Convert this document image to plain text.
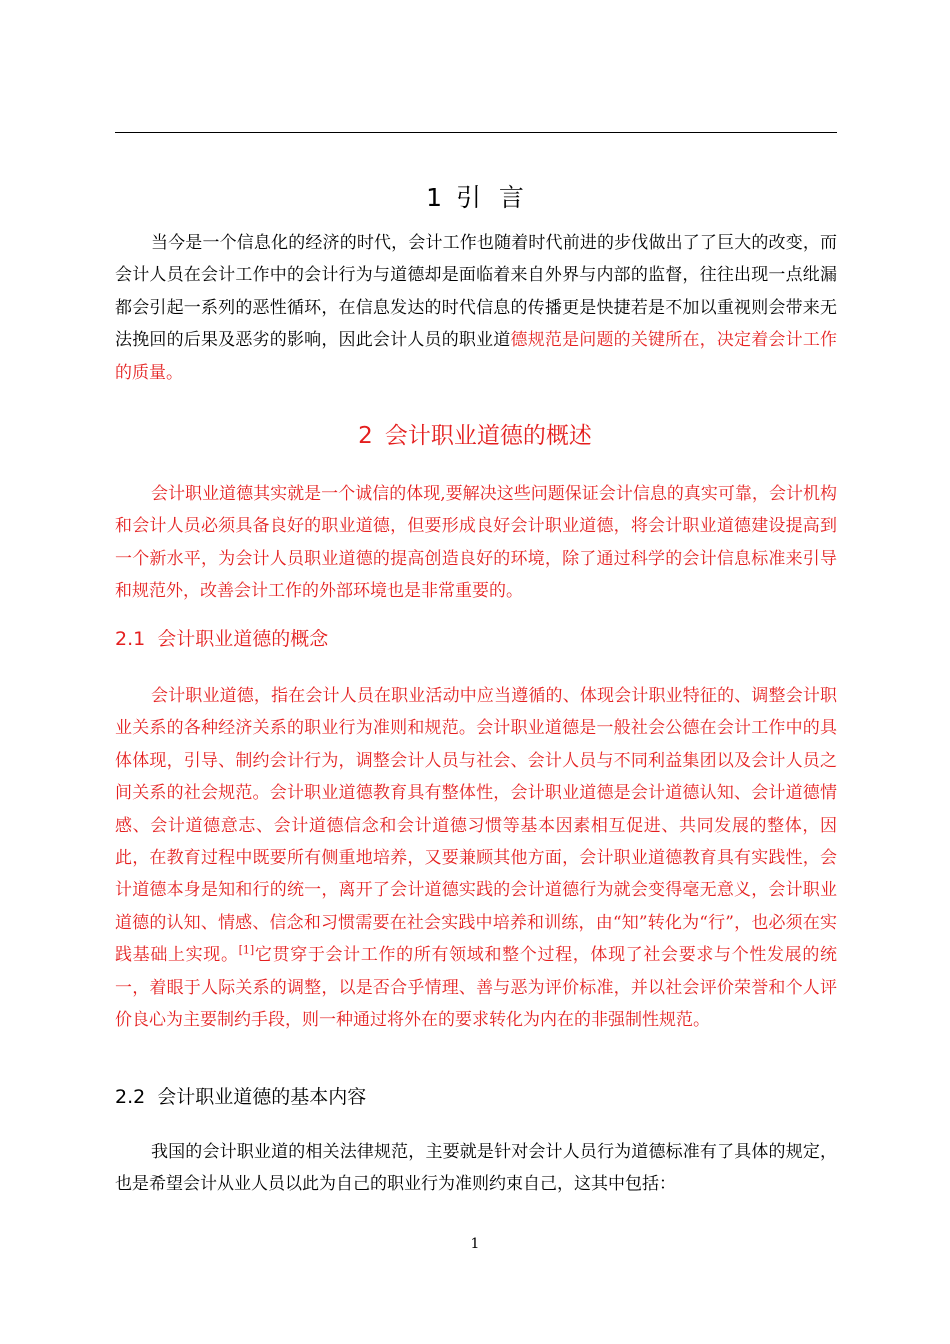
1 引 言

当今是一个信息化的经济的时代，会计工作也随着时代前进的步伐做出了了巨大的改变，而会计人员在会计工作中的会计行为与道德却是面临着来自外界与内部的监督，往往出现一点纰漏都会引起一系列的恶性循环，在信息发达的时代信息的传播更是快捷若是不加以重视则会带来无法挽回的后果及恶劣的影响，因此会计人员的职业道德规范是问题的关键所在，决定着会计工作的质量。

2 会计职业道德的概述

会计职业道德其实就是一个诚信的体现,要解决这些问题保证会计信息的真实可靠，会计机构和会计人员必须具备良好的职业道德，但要形成良好会计职业道德，将会计职业道德建设提高到一个新水平，为会计人员职业道德的提高创造良好的环境，除了通过科学的会计信息标准来引导和规范外，改善会计工作的外部环境也是非常重要的。

2.1 会计职业道德的概念

会计职业道德，指在会计人员在职业活动中应当遵循的、体现会计职业特征的、调整会计职业关系的各种经济关系的职业行为准则和规范。会计职业道德是一般社会公德在会计工作中的具体体现，引导、制约会计行为，调整会计人员与社会、会计人员与不同利益集团以及会计人员之间关系的社会规范。会计职业道德教育具有整体性，会计职业道德是会计道德认知、会计道德情感、会计道德意志、会计道德信念和会计道德习惯等基本因素相互促进、共同发展的整体，因此，在教育过程中既要所有侧重地培养，又要兼顾其他方面，会计职业道德教育具有实践性，会计道德本身是知和行的统一，离开了会计道德实践的会计道德行为就会变得毫无意义，会计职业道德的认知、情感、信念和习惯需要在社会实践中培养和训练，由“知”转化为“行”，也必须在实践基础上实现。[1]它贯穿于会计工作的所有领域和整个过程，体现了社会要求与个性发展的统一，着眼于人际关系的调整，以是否合乎情理、善与恶为评价标准，并以社会评价荣誉和个人评价良心为主要制约手段，则一种通过将外在的要求转化为内在的非强制性规范。

2.2 会计职业道德的基本内容

我国的会计职业道的相关法律规范，主要就是针对会计人员行为道德标准有了具体的规定，也是希望会计从业人员以此为自己的职业行为准则约束自己，这其中包括：

1
